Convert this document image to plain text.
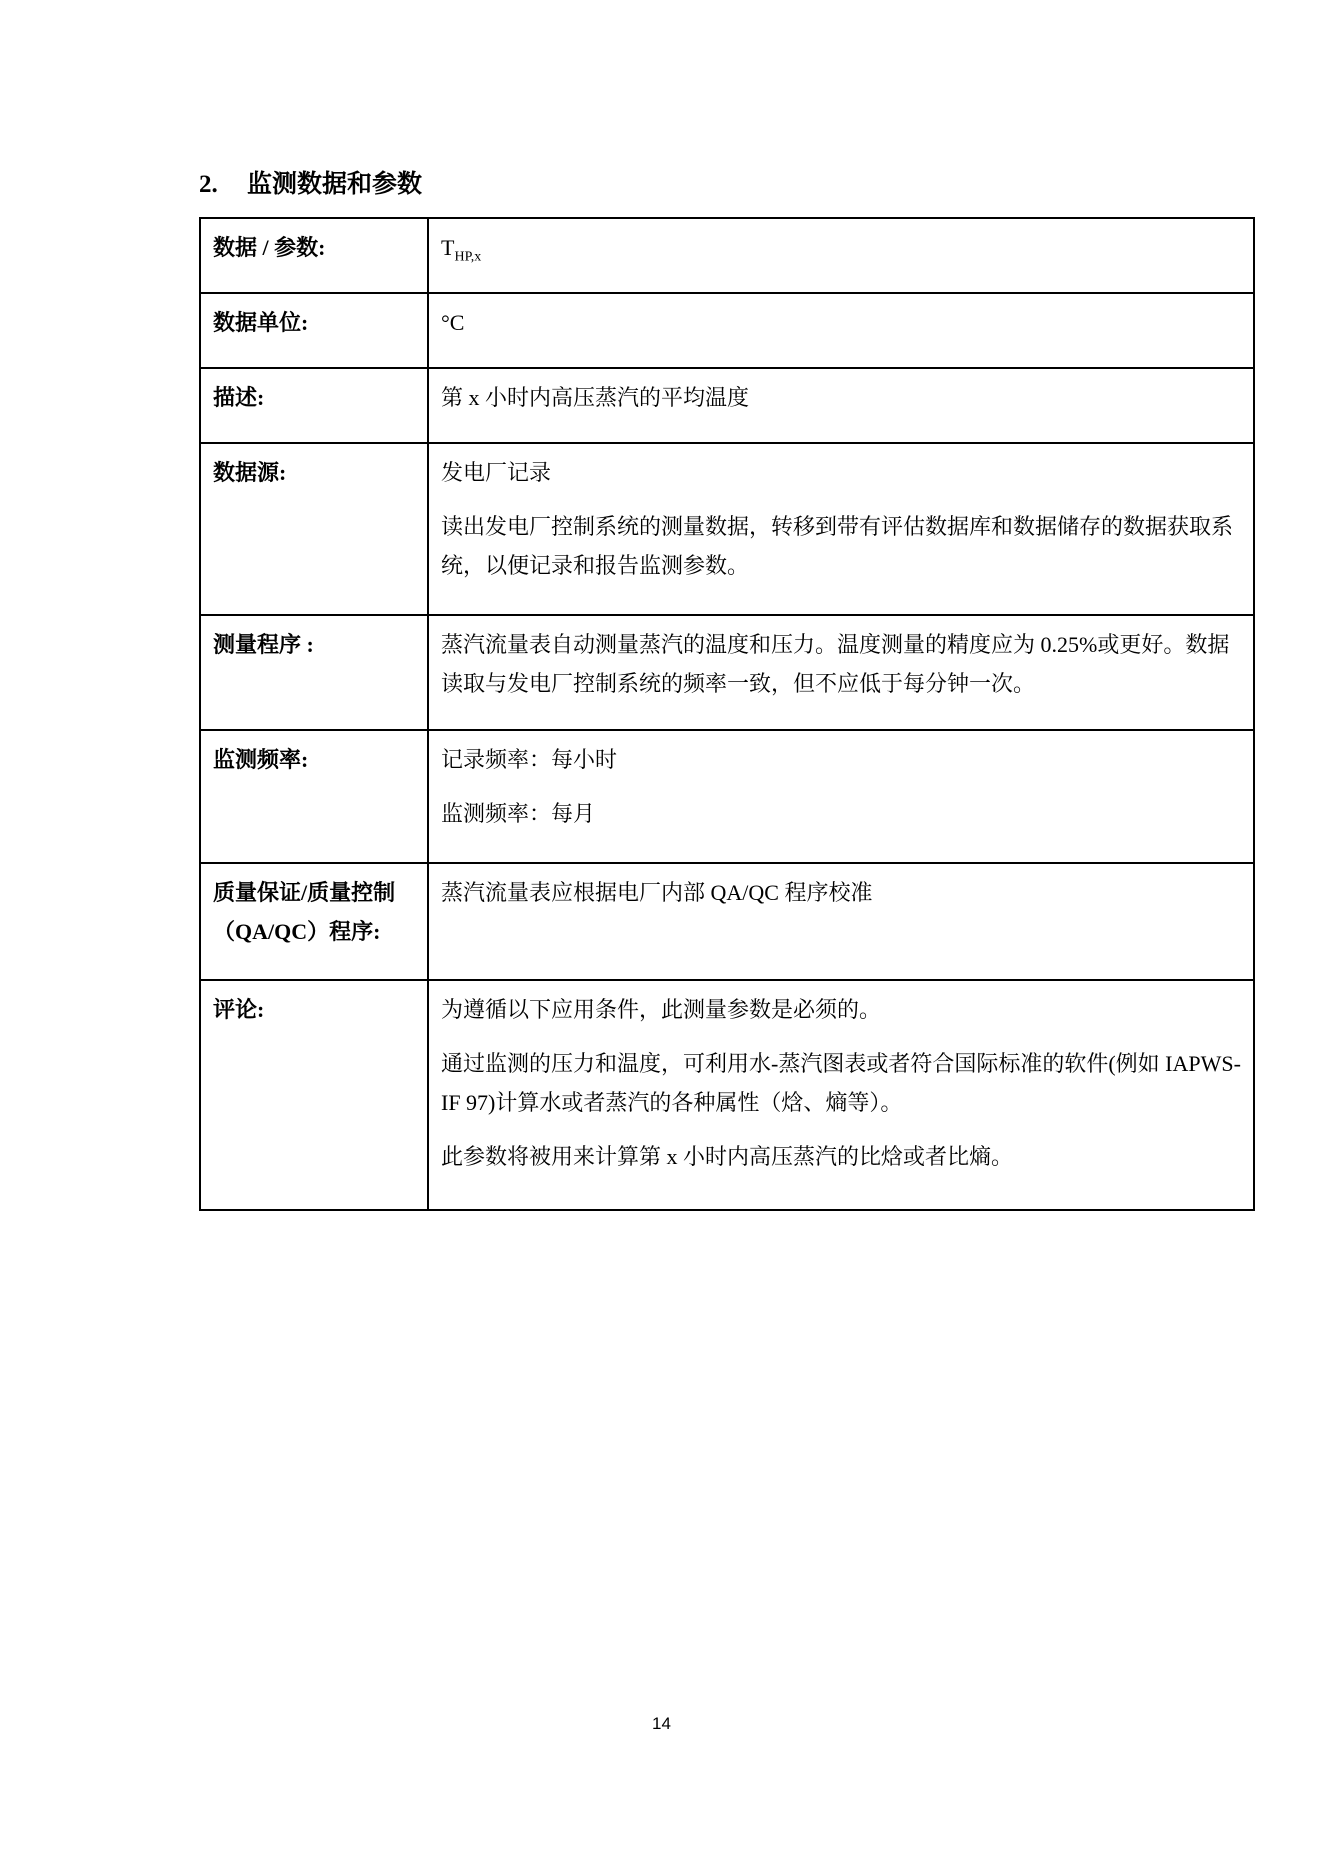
2. 监测数据和参数
数据 / 参数:	$T_{HP,x}$

数据单位:	°C

描述:	第 x 小时内高压蒸汽的平均温度

数据源:	发电厂记录
读出发电厂控制系统的测量数据，转移到带有评估数据库和数据储存的数据获取系统，以便记录和报告监测参数。

测量程序 :	蒸汽流量表自动测量蒸汽的温度和压力。温度测量的精度应为 0.25%或更好。数据读取与发电厂控制系统的频率一致，但不应低于每分钟一次。

监测频率:	记录频率：每小时
监测频率：每月

质量保证/质量控制（QA/QC）程序:	蒸汽流量表应根据电厂内部 QA/QC 程序校准

评论:	为遵循以下应用条件，此测量参数是必须的。
通过监测的压力和温度，可利用水-蒸汽图表或者符合国际标准的软件(例如 IAPWS-IF 97)计算水或者蒸汽的各种属性（焓、熵等）。
此参数将被用来计算第 x 小时内高压蒸汽的比焓或者比熵。
14
